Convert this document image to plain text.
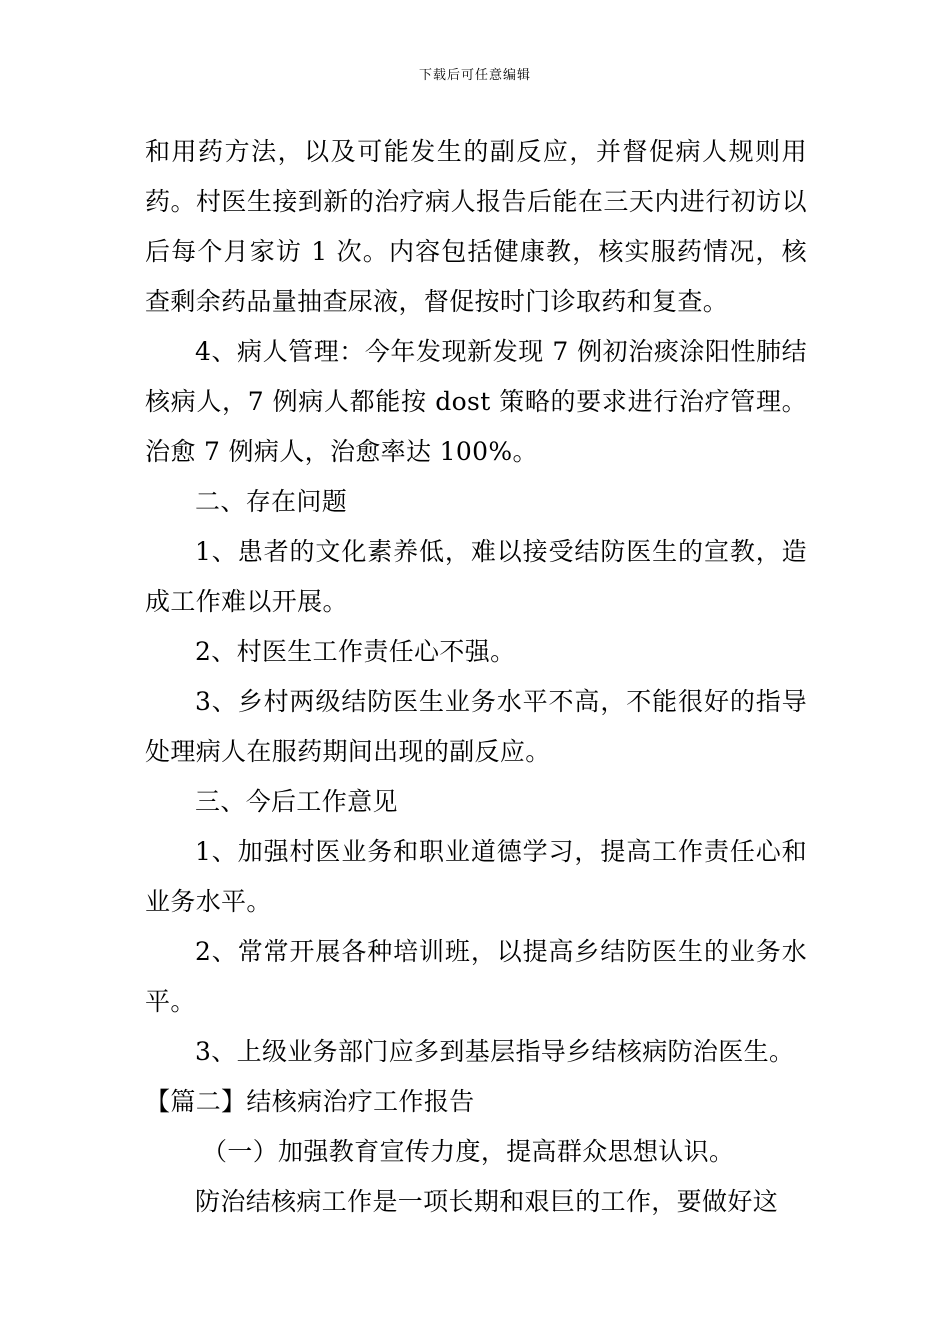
下载后可任意编辑

和用药方法，以及可能发生的副反应，并督促病人规则用药。村医生接到新的治疗病人报告后能在三天内进行初访以后每个月家访 1 次。内容包括健康教，核实服药情况，核查剩余药品量抽查尿液，督促按时门诊取药和复查。

4、病人管理：今年发现新发现 7 例初治痰涂阳性肺结核病人，7 例病人都能按 dost 策略的要求进行治疗管理。治愈 7 例病人，治愈率达 100%。

二、存在问题

1、患者的文化素养低，难以接受结防医生的宣教，造成工作难以开展。

2、村医生工作责任心不强。

3、乡村两级结防医生业务水平不高，不能很好的指导处理病人在服药期间出现的副反应。

三、今后工作意见

1、加强村医业务和职业道德学习，提高工作责任心和业务水平。

2、常常开展各种培训班，以提高乡结防医生的业务水平。

3、上级业务部门应多到基层指导乡结核病防治医生。

【篇二】结核病治疗工作报告

（一）加强教育宣传力度，提高群众思想认识。

防治结核病工作是一项长期和艰巨的工作，要做好这
